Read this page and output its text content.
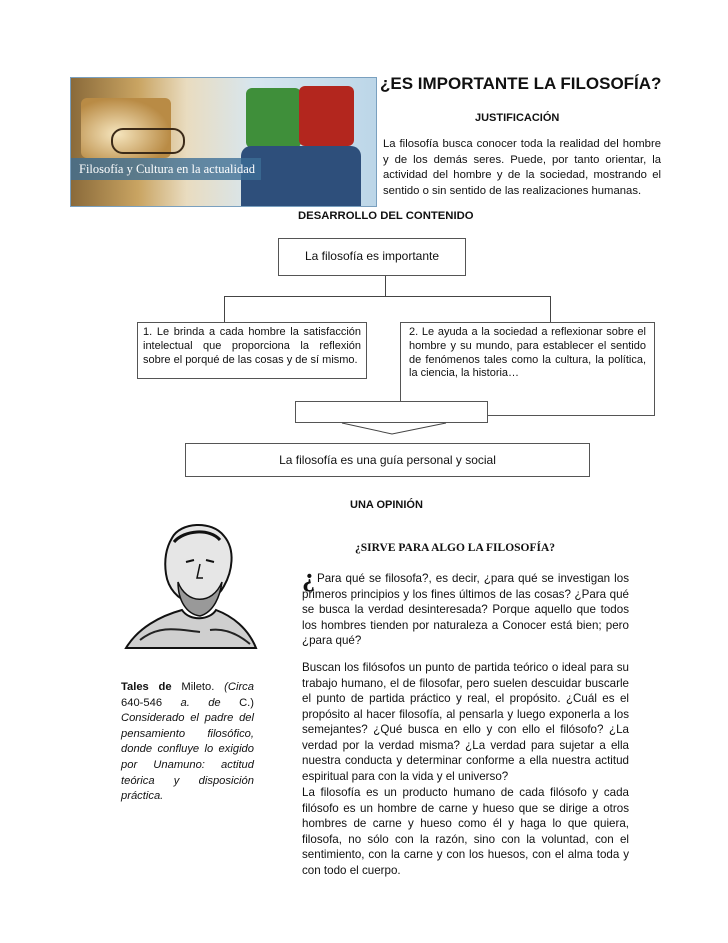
Filosofía y Cultura en la actualidad
¿ES IMPORTANTE LA FILOSOFÍA?
JUSTIFICACIÓN
La filosofía busca conocer toda la realidad del hombre y de los demás seres. Puede, por tanto orientar, la actividad del hombre y de la sociedad, mostrando el sentido o sin sentido de las realizaciones humanas.
DESARROLLO DEL CONTENIDO
La filosofía es importante
1. Le brinda a cada hombre la satisfacción intelectual que proporciona la reflexión sobre el porqué de las cosas y de sí mismo.
2. Le ayuda a la sociedad a reflexionar sobre el hombre y su mundo, para establecer el sentido de fenómenos tales como la cultura, la política, la ciencia, la historia…
La filosofía es una guía personal y social
UNA OPINIÓN
Tales de Mileto. (Circa 640-546 a. de C.) Considerado el padre del pensamiento filosófico, donde confluye lo exigido por Unamuno: actitud teórica y disposición práctica.
¿SIRVE PARA ALGO LA FILOSOFÍA?
¿ Para qué se filosofa?, es decir, ¿para qué se investigan los primeros principios y los fines últimos de las cosas? ¿Para qué se busca la verdad desinteresada? Porque aquello que todos los hombres tienden por naturaleza a Conocer está bien; pero ¿para qué?
Buscan los filósofos un punto de partida teórico o ideal para su trabajo humano, el de filosofar, pero suelen descuidar buscarle el punto de partida práctico y real, el propósito. ¿Cuál es el propósito al hacer filosofía, al pensarla y luego exponerla a los semejantes? ¿Qué busca en ello y con ello el filósofo? ¿La verdad por la verdad misma? ¿La verdad para sujetar a ella nuestra conducta y determinar conforme a ella nuestra actitud espiritual para con la vida y el universo?
La filosofía es un producto humano de cada filósofo y cada filósofo es un hombre de carne y hueso que se dirige a otros hombres de carne y hueso como él y haga lo que quiera, filosofa, no sólo con la razón, sino con la voluntad, con el sentimiento, con la carne y con los huesos, con el alma toda y con todo el cuerpo.
